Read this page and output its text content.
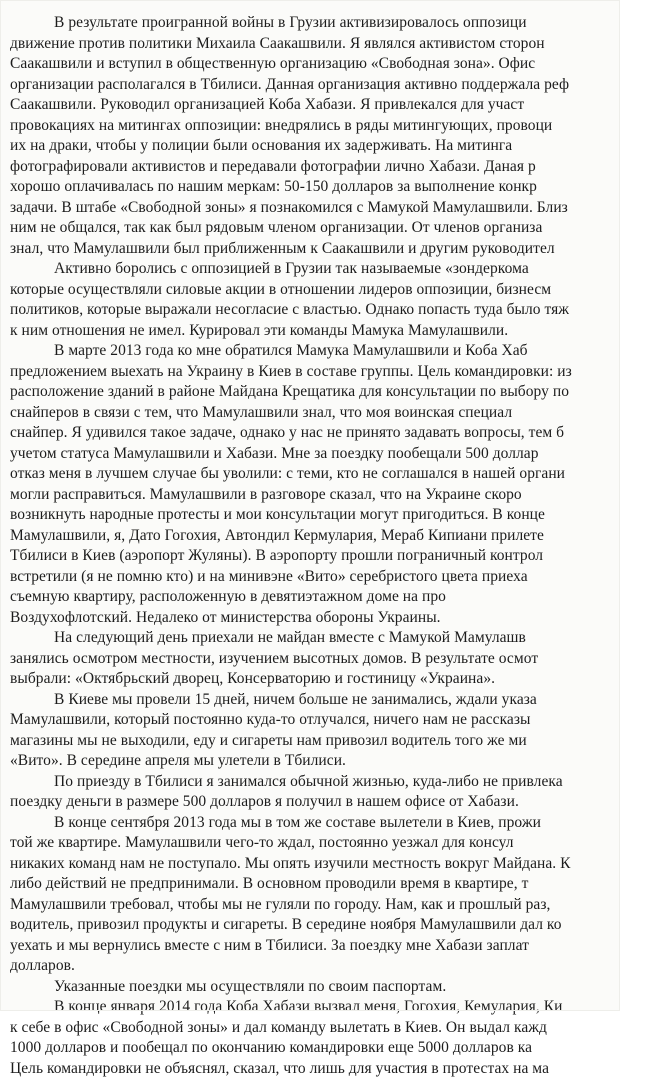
В результате проигранной войны в Грузии активизировалось оппозици
движение против политики Михаила Саакашвили. Я являлся активистом сторон
Саакашвили и вступил в общественную организацию «Свободная зона». Офис
организации располагался в Тбилиси. Данная организация активно поддержала реф
Саакашвили. Руководил организацией Коба Хабази. Я привлекался для участ
провокациях на митингах оппозиции: внедрялись в ряды митингующих, провоци
их на драки, чтобы у полиции были основания их задерживать. На митинга
фотографировали активистов и передавали фотографии лично Хабази. Даная р
хорошо оплачивалась по нашим меркам: 50-150 долларов за выполнение конкр
задачи. В штабе «Свободной зоны» я познакомился с Мамукой Мамулашвили. Близ
ним не общался, так как был рядовым членом организации. От членов организа
знал, что Мамулашвили был приближенным к Саакашвили и другим руководител
Активно боролись с оппозицией в Грузии так называемые «зондеркома
которые осуществляли силовые акции в отношении лидеров оппозиции, бизнесм
политиков, которые выражали несогласие с властью. Однако попасть туда было тяж
к ним отношения не имел. Курировал эти команды Мамука Мамулашвили.
В марте 2013 года ко мне обратился Мамука Мамулашвили и Коба Хаб
предложением выехать на Украину в Киев в составе группы. Цель командировки: из
расположение зданий в районе Майдана Крещатика для консультации по выбору по
снайперов в связи с тем, что Мамулашвили знал, что моя воинская специал
снайпер. Я удивился такое задаче, однако у нас не принято задавать вопросы, тем б
учетом статуса Мамулашвили и Хабази. Мне за поездку пообещали 500 доллар
отказ меня в лучшем случае бы уволили: с теми, кто не соглашался в нашей органи
могли расправиться. Мамулашвили в разговоре сказал, что на Украине скоро
возникнуть народные протесты и мои консультации могут пригодиться. В конце
Мамулашвили, я, Дато Гогохия, Автондил Кермулария, Мераб Кипиани прилете
Тбилиси в Киев (аэропорт Жуляны). В аэропорту прошли пограничный контрол
встретили (я не помню кто) и на минивэне «Вито» серебристого цвета приеха
съемную квартиру, расположенную в девятиэтажном доме на про
Воздухофлотский. Недалеко от министерства обороны Украины.
На следующий день приехали не майдан вместе с Мамукой Мамулашв
занялись осмотром местности, изучением высотных домов. В результате осмот
выбрали: «Октябрьский дворец, Консерваторию и гостиницу «Украина».
В Киеве мы провели 15 дней, ничем больше не занимались, ждали указа
Мамулашвили, который постоянно куда-то отлучался, ничего нам не рассказы
магазины мы не выходили, еду и сигареты нам привозил водитель того же ми
«Вито». В середине апреля мы улетели в Тбилиси.
По приезду в Тбилиси я занимался обычной жизнью, куда-либо не привлека
поездку деньги в размере 500 долларов я получил в нашем офисе от Хабази.
В конце сентября 2013 года мы в том же составе вылетели в Киев, прожи
той же квартире. Мамулашвили чего-то ждал, постоянно уезжал для консул
никаких команд нам не поступало. Мы опять изучили местность вокруг Майдана. К
либо действий не предпринимали. В основном проводили время в квартире, т
Мамулашвили требовал, чтобы мы не гуляли по городу. Нам, как и прошлый раз,
водитель, привозил продукты и сигареты. В середине ноября Мамулашвили дал ко
уехать и мы вернулись вместе с ним в Тбилиси. За поездку мне Хабази заплат
долларов.
Указанные поездки мы осуществляли по своим паспортам.
В конце января 2014 года Коба Хабази вызвал меня, Гогохия, Кемулария, Ки
к себе в офис «Свободной зоны» и дал команду вылетать в Киев. Он выдал кажд
1000 долларов и пообещал по окончанию командировки еще 5000 долларов ка
Цель командировки не объяснял, сказал, что лишь для участия в протестах на ма
